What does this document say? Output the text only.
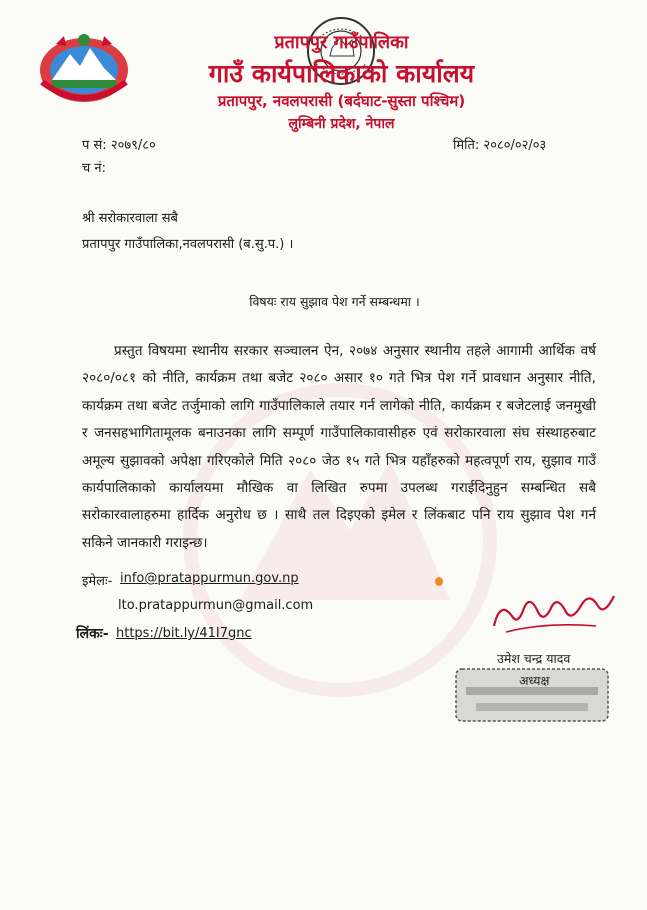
प्रतापपुर गाउँपालिका
गाउँ कार्यपालिकाको कार्यालय
प्रतापपुर, नवलपरासी (बर्दघाट-सुस्ता पश्चिम)
लुम्बिनी प्रदेश, नेपाल
प सं: २०७९/८०
च नं:
मिति: २०८०/०२/०३
श्री सरोकारवाला सबै
प्रतापपुर गाउँपालिका,नवलपरासी (ब.सु.प.) ।
विषयः राय सुझाव पेश गर्ने सम्बन्धमा ।

प्रस्तुत विषयमा स्थानीय सरकार सञ्चालन ऐन, २०७४ अनुसार स्थानीय तहले आगामी आर्थिक वर्ष २०८०/०८१ को नीति, कार्यक्रम तथा बजेट २०८० असार १० गते भित्र पेश गर्ने प्रावधान अनुसार नीति, कार्यक्रम तथा बजेट तर्जुमाको लागि गाउँपालिकाले तयार गर्न लागेको नीति, कार्यक्रम र बजेटलाई जनमुखी र जनसहभागितामूलक बनाउनका लागि सम्पूर्ण गाउँपालिकावासीहरु एवं सरोकारवाला संघ संस्थाहरुबाट अमूल्य सुझावको अपेक्षा गरिएकोले मिति २०८० जेठ १५ गते भित्र यहाँहरुको महत्वपूर्ण राय, सुझाव गाउँ कार्यपालिकाको कार्यालयमा मौखिक वा लिखित रुपमा उपलब्ध गराईदिनुहुन सम्बन्धित सबै सरोकारवालाहरुमा हार्दिक अनुरोध छ । साथै तल दिइएको इमेल र लिंकबाट पनि राय सुझाव पेश गर्न सकिने जानकारी गराइन्छ।

इमेलः- info@pratappurmun.gov.np
lto.pratappurmun@gmail.com
लिंकः- https://bit.ly/41I7gnc
उमेश चन्द्र यादव
अध्यक्ष
